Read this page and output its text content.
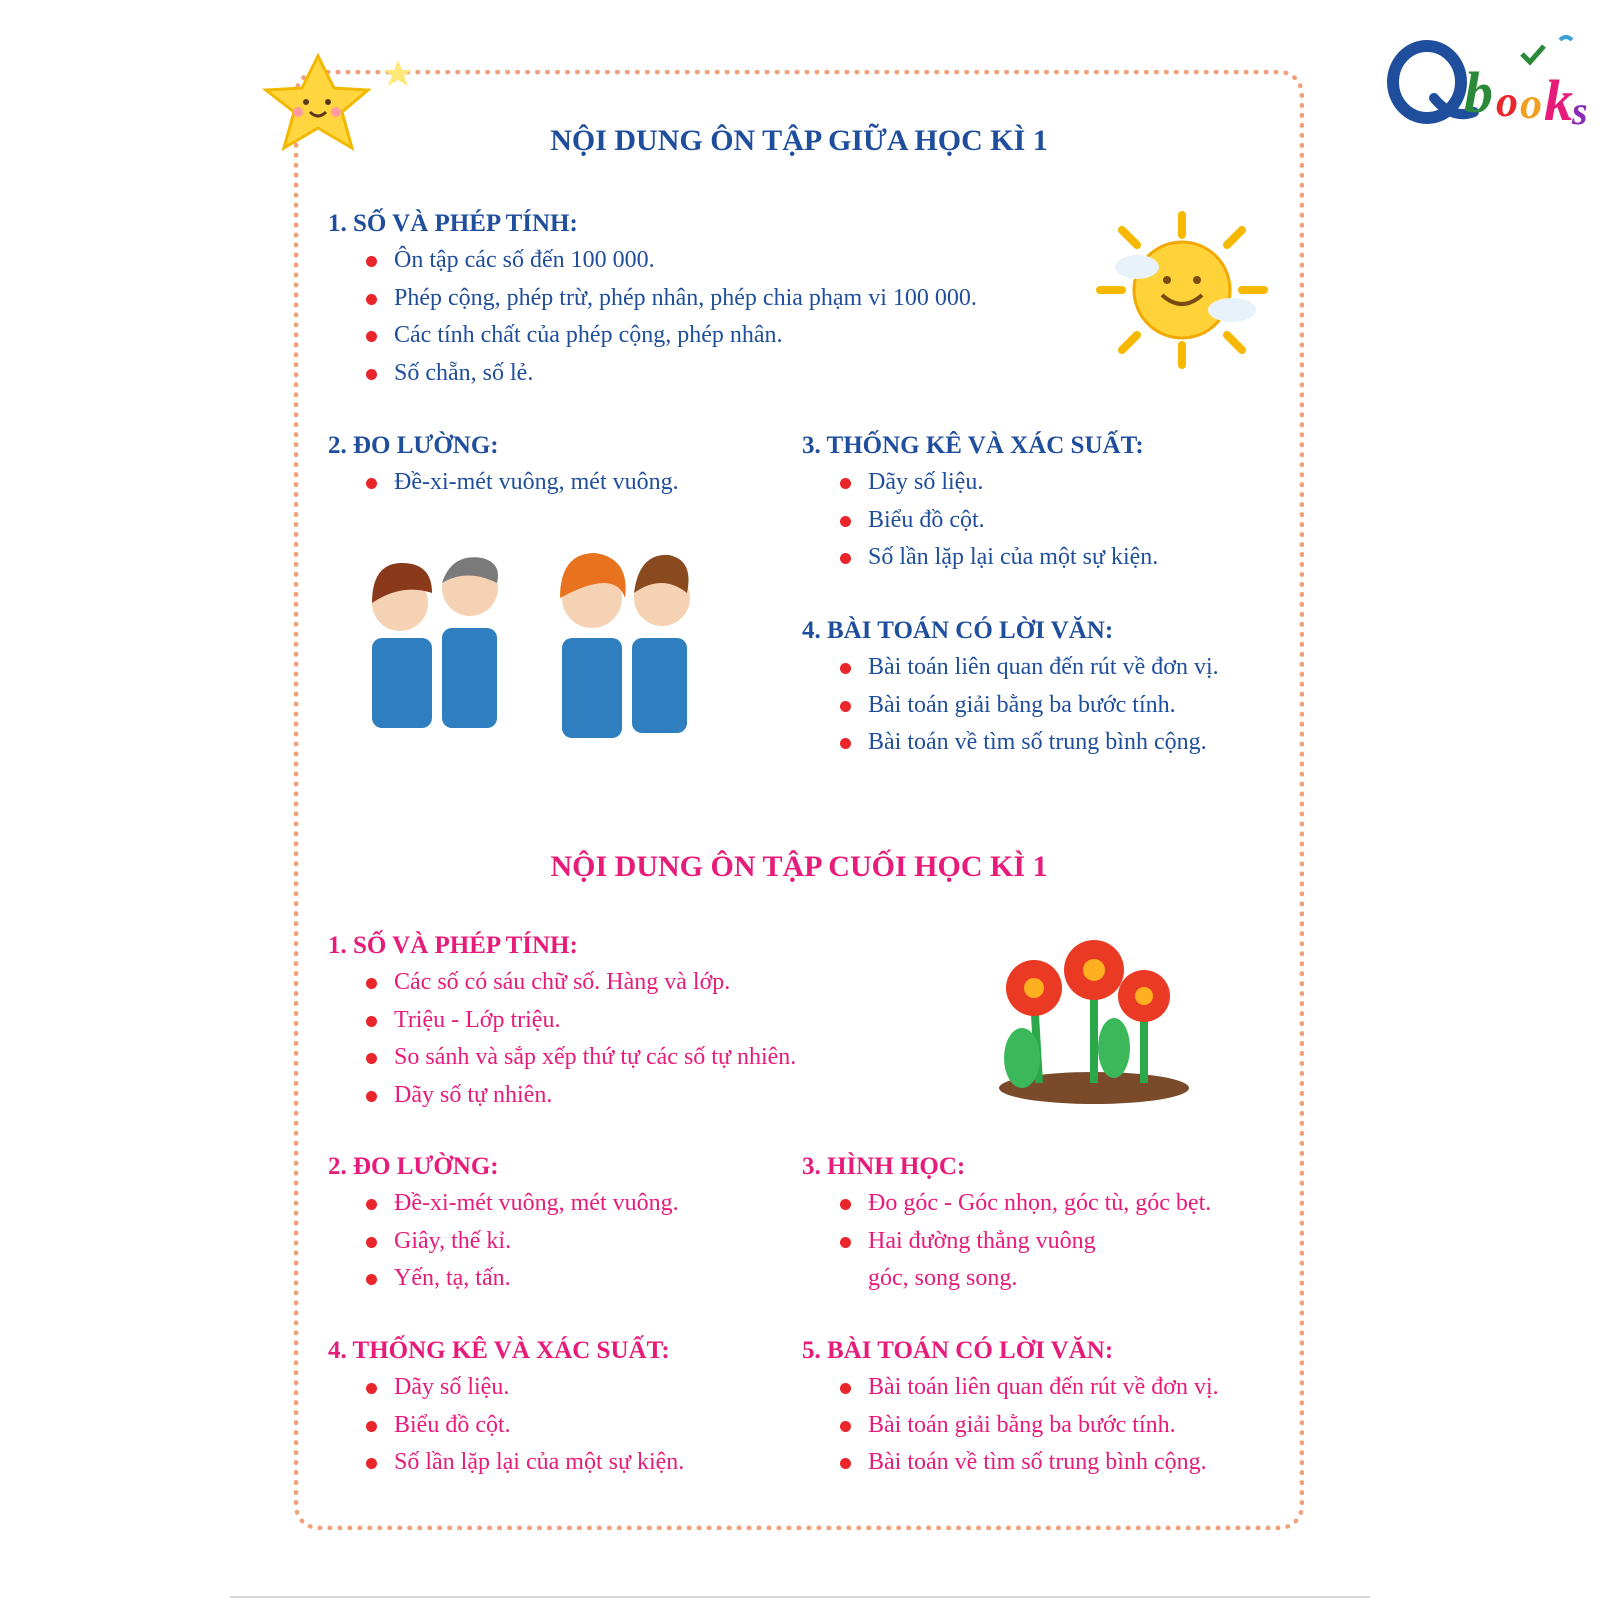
b o o k s
NỘI DUNG ÔN TẬP GIỮA HỌC KÌ 1
1. SỐ VÀ PHÉP TÍNH:
Ôn tập các số đến 100 000.
Phép cộng, phép trừ, phép nhân, phép chia phạm vi 100 000.
Các tính chất của phép cộng, phép nhân.
Số chẵn, số lẻ.
2. ĐO LƯỜNG:
Đề-xi-mét vuông, mét vuông.
3. THỐNG KÊ VÀ XÁC SUẤT:
Dãy số liệu.
Biểu đồ cột.
Số lần lặp lại của một sự kiện.
4. BÀI TOÁN CÓ LỜI VĂN:
Bài toán liên quan đến rút về đơn vị.
Bài toán giải bằng ba bước tính.
Bài toán về tìm số trung bình cộng.
NỘI DUNG ÔN TẬP CUỐI HỌC KÌ 1
1. SỐ VÀ PHÉP TÍNH:
Các số có sáu chữ số. Hàng và lớp.
Triệu - Lớp triệu.
So sánh và sắp xếp thứ tự các số tự nhiên.
Dãy số tự nhiên.
2. ĐO LƯỜNG:
Đề-xi-mét vuông, mét vuông.
Giây, thế kỉ.
Yến, tạ, tấn.
3. HÌNH HỌC:
Đo góc - Góc nhọn, góc tù, góc bẹt.
Hai đường thẳng vuông góc, song song.
4. THỐNG KÊ VÀ XÁC SUẤT:
Dãy số liệu.
Biểu đồ cột.
Số lần lặp lại của một sự kiện.
5. BÀI TOÁN CÓ LỜI VĂN:
Bài toán liên quan đến rút về đơn vị.
Bài toán giải bằng ba bước tính.
Bài toán về tìm số trung bình cộng.
